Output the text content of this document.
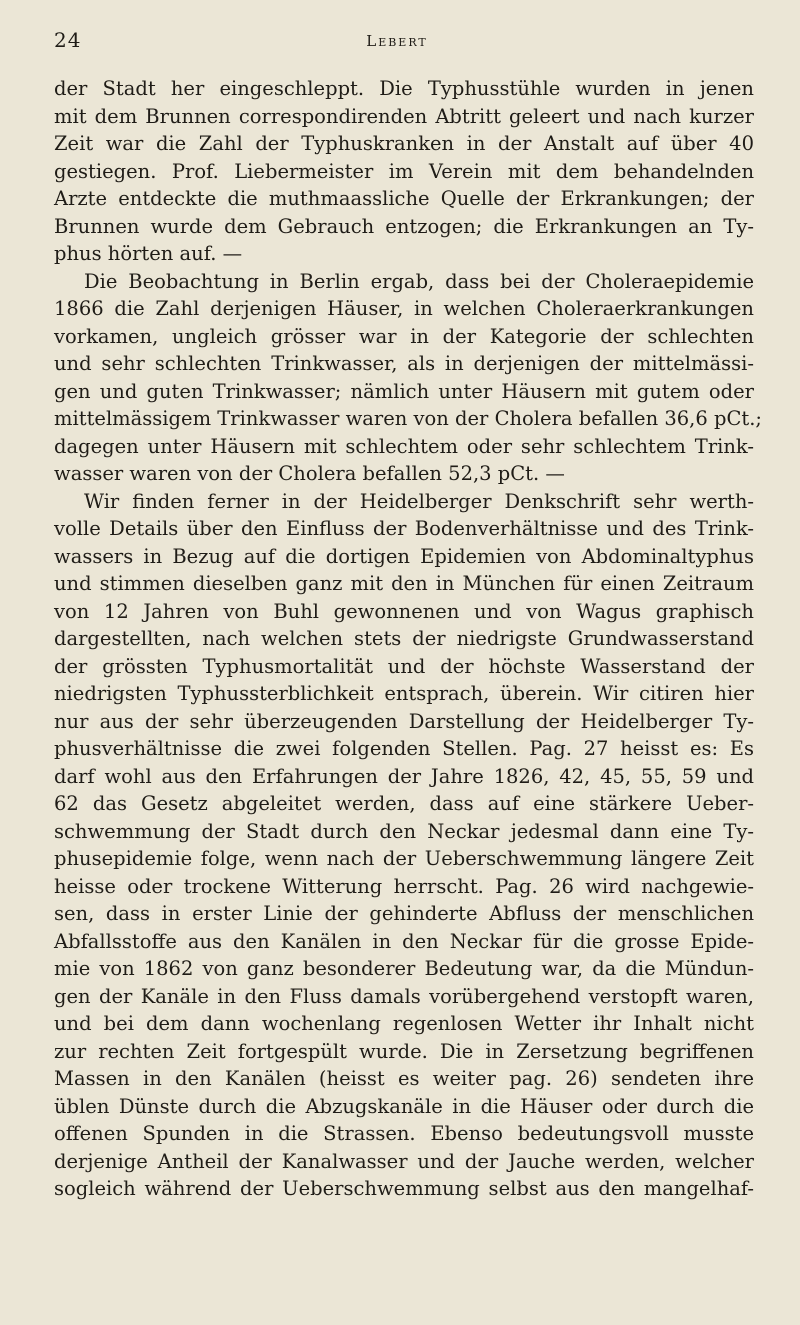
24	Lebert
der Stadt her eingeschleppt. Die Typhusstühle wurden in jenen
mit dem Brunnen correspondirenden Abtritt geleert und nach kurzer
Zeit war die Zahl der Typhuskranken in der Anstalt auf über 40
gestiegen. Prof. Liebermeister im Verein mit dem behandelnden
Arzte entdeckte die muthmaassliche Quelle der Erkrankungen; der
Brunnen wurde dem Gebrauch entzogen; die Erkrankungen an Ty-
phus hörten auf. —
Die Beobachtung in Berlin ergab, dass bei der Choleraepidemie
1866 die Zahl derjenigen Häuser, in welchen Choleraerkrankungen
vorkamen, ungleich grösser war in der Kategorie der schlechten
und sehr schlechten Trinkwasser, als in derjenigen der mittelmässi-
gen und guten Trinkwasser; nämlich unter Häusern mit gutem oder
mittelmässigem Trinkwasser waren von der Cholera befallen 36,6 pCt.;
dagegen unter Häusern mit schlechtem oder sehr schlechtem Trink-
wasser waren von der Cholera befallen 52,3 pCt. —
Wir finden ferner in der Heidelberger Denkschrift sehr werth-
volle Details über den Einfluss der Bodenverhältnisse und des Trink-
wassers in Bezug auf die dortigen Epidemien von Abdominaltyphus
und stimmen dieselben ganz mit den in München für einen Zeitraum
von 12 Jahren von Buhl gewonnenen und von Wagus graphisch
dargestellten, nach welchen stets der niedrigste Grundwasserstand
der grössten Typhusmortalität und der höchste Wasserstand der
niedrigsten Typhussterblichkeit entsprach, überein. Wir citiren hier
nur aus der sehr überzeugenden Darstellung der Heidelberger Ty-
phusverhältnisse die zwei folgenden Stellen. Pag. 27 heisst es: Es
darf wohl aus den Erfahrungen der Jahre 1826, 42, 45, 55, 59 und
62 das Gesetz abgeleitet werden, dass auf eine stärkere Ueber-
schwemmung der Stadt durch den Neckar jedesmal dann eine Ty-
phusepidemie folge, wenn nach der Ueberschwemmung längere Zeit
heisse oder trockene Witterung herrscht. Pag. 26 wird nachgewie-
sen, dass in erster Linie der gehinderte Abfluss der menschlichen
Abfallsstoffe aus den Kanälen in den Neckar für die grosse Epide-
mie von 1862 von ganz besonderer Bedeutung war, da die Mündun-
gen der Kanäle in den Fluss damals vorübergehend verstopft waren,
und bei dem dann wochenlang regenlosen Wetter ihr Inhalt nicht
zur rechten Zeit fortgespült wurde. Die in Zersetzung begriffenen
Massen in den Kanälen (heisst es weiter pag. 26) sendeten ihre
üblen Dünste durch die Abzugskanäle in die Häuser oder durch die
offenen Spunden in die Strassen. Ebenso bedeutungsvoll musste
derjenige Antheil der Kanalwasser und der Jauche werden, welcher
sogleich während der Ueberschwemmung selbst aus den mangelhaf-
